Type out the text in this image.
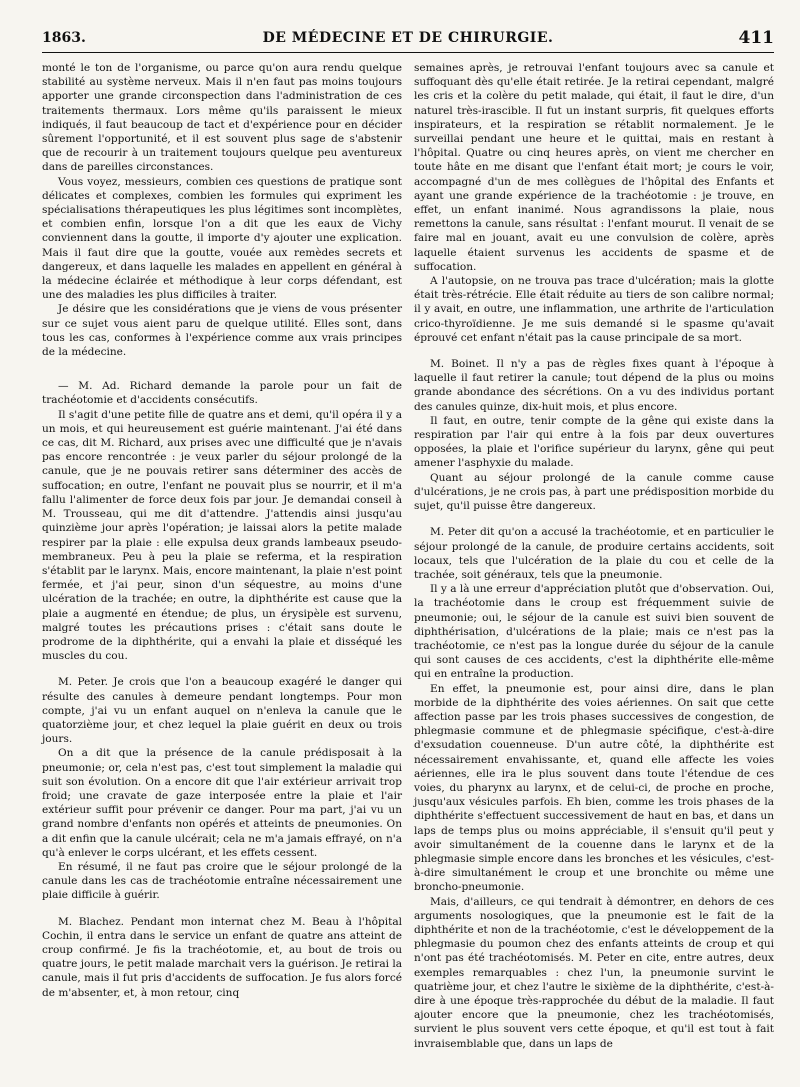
1863.	DE MÉDECINE ET DE CHIRURGIE.	411

monté le ton de l'organisme, ou parce qu'on aura rendu quelque stabilité au système nerveux. Mais il n'en faut pas moins toujours apporter une grande circonspection dans l'administration de ces traitements thermaux. Lors même qu'ils paraissent le mieux indiqués, il faut beaucoup de tact et d'expérience pour en décider sûrement l'opportunité, et il est souvent plus sage de s'abstenir que de recourir à un traitement toujours quelque peu aventureux dans de pareilles circonstances.

Vous voyez, messieurs, combien ces questions de pratique sont délicates et complexes, combien les formules qui expriment les spécialisations thérapeutiques les plus légitimes sont incomplètes, et combien enfin, lorsque l'on a dit que les eaux de Vichy conviennent dans la goutte, il importe d'y ajouter une explication. Mais il faut dire que la goutte, vouée aux remèdes secrets et dangereux, et dans laquelle les malades en appellent en général à la médecine éclairée et méthodique à leur corps défendant, est une des maladies les plus difficiles à traiter.

Je désire que les considérations que je viens de vous présenter sur ce sujet vous aient paru de quelque utilité. Elles sont, dans tous les cas, conformes à l'expérience comme aux vrais principes de la médecine.

— M. Ad. Richard demande la parole pour un fait de trachéotomie et d'accidents consécutifs.

Il s'agit d'une petite fille de quatre ans et demi, qu'il opéra il y a un mois, et qui heureusement est guérie maintenant. J'ai été dans ce cas, dit M. Richard, aux prises avec une difficulté que je n'avais pas encore rencontrée : je veux parler du séjour prolongé de la canule, que je ne pouvais retirer sans déterminer des accès de suffocation; en outre, l'enfant ne pouvait plus se nourrir, et il m'a fallu l'alimenter de force deux fois par jour. Je demandai conseil à M. Trousseau, qui me dit d'attendre. J'attendis ainsi jusqu'au quinzième jour après l'opération; je laissai alors la petite malade respirer par la plaie : elle expulsa deux grands lambeaux pseudo-membraneux. Peu à peu la plaie se referma, et la respiration s'établit par le larynx. Mais, encore maintenant, la plaie n'est point fermée, et j'ai peur, sinon d'un séquestre, au moins d'une ulcération de la trachée; en outre, la diphthérite est cause que la plaie a augmenté en étendue; de plus, un érysipèle est survenu, malgré toutes les précautions prises : c'était sans doute le prodrome de la diphthérite, qui a envahi la plaie et disséqué les muscles du cou.

M. Peter. Je crois que l'on a beaucoup exagéré le danger qui résulte des canules à demeure pendant longtemps. Pour mon compte, j'ai vu un enfant auquel on n'enleva la canule que le quatorzième jour, et chez lequel la plaie guérit en deux ou trois jours.

On a dit que la présence de la canule prédisposait à la pneumonie; or, cela n'est pas, c'est tout simplement la maladie qui suit son évolution. On a encore dit que l'air extérieur arrivait trop froid; une cravate de gaze interposée entre la plaie et l'air extérieur suffit pour prévenir ce danger. Pour ma part, j'ai vu un grand nombre d'enfants non opérés et atteints de pneumonies. On a dit enfin que la canule ulcérait; cela ne m'a jamais effrayé, on n'a qu'à enlever le corps ulcérant, et les effets cessent.

En résumé, il ne faut pas croire que le séjour prolongé de la canule dans les cas de trachéotomie entraîne nécessairement une plaie difficile à guérir.

M. Blachez. Pendant mon internat chez M. Beau à l'hôpital Cochin, il entra dans le service un enfant de quatre ans atteint de croup confirmé. Je fis la trachéotomie, et, au bout de trois ou quatre jours, le petit malade marchait vers la guérison. Je retirai la canule, mais il fut pris d'accidents de suffocation. Je fus alors forcé de m'absenter, et, à mon retour, cinq

semaines après, je retrouvai l'enfant toujours avec sa canule et suffoquant dès qu'elle était retirée. Je la retirai cependant, malgré les cris et la colère du petit malade, qui était, il faut le dire, d'un naturel très-irascible. Il fut un instant surpris, fit quelques efforts inspirateurs, et la respiration se rétablit normalement. Je le surveillai pendant une heure et le quittai, mais en restant à l'hôpital. Quatre ou cinq heures après, on vient me chercher en toute hâte en me disant que l'enfant était mort; je cours le voir, accompagné d'un de mes collègues de l'hôpital des Enfants et ayant une grande expérience de la trachéotomie : je trouve, en effet, un enfant inanimé. Nous agrandissons la plaie, nous remettons la canule, sans résultat : l'enfant mourut. Il venait de se faire mal en jouant, avait eu une convulsion de colère, après laquelle étaient survenus les accidents de spasme et de suffocation.

A l'autopsie, on ne trouva pas trace d'ulcération; mais la glotte était très-rétrécie. Elle était réduite au tiers de son calibre normal; il y avait, en outre, une inflammation, une arthrite de l'articulation crico-thyroïdienne. Je me suis demandé si le spasme qu'avait éprouvé cet enfant n'était pas la cause principale de sa mort.

M. Boinet. Il n'y a pas de règles fixes quant à l'époque à laquelle il faut retirer la canule; tout dépend de la plus ou moins grande abondance des sécrétions. On a vu des individus portant des canules quinze, dix-huit mois, et plus encore.

Il faut, en outre, tenir compte de la gêne qui existe dans la respiration par l'air qui entre à la fois par deux ouvertures opposées, la plaie et l'orifice supérieur du larynx, gêne qui peut amener l'asphyxie du malade.

Quant au séjour prolongé de la canule comme cause d'ulcérations, je ne crois pas, à part une prédisposition morbide du sujet, qu'il puisse être dangereux.

M. Peter dit qu'on a accusé la trachéotomie, et en particulier le séjour prolongé de la canule, de produire certains accidents, soit locaux, tels que l'ulcération de la plaie du cou et celle de la trachée, soit généraux, tels que la pneumonie.

Il y a là une erreur d'appréciation plutôt que d'observation. Oui, la trachéotomie dans le croup est fréquemment suivie de pneumonie; oui, le séjour de la canule est suivi bien souvent de diphthérisation, d'ulcérations de la plaie; mais ce n'est pas la trachéotomie, ce n'est pas la longue durée du séjour de la canule qui sont causes de ces accidents, c'est la diphthérite elle-même qui en entraîne la production.

En effet, la pneumonie est, pour ainsi dire, dans le plan morbide de la diphthérite des voies aériennes. On sait que cette affection passe par les trois phases successives de congestion, de phlegmasie commune et de phlegmasie spécifique, c'est-à-dire d'exsudation couenneuse. D'un autre côté, la diphthérite est nécessairement envahissante, et, quand elle affecte les voies aériennes, elle ira le plus souvent dans toute l'étendue de ces voies, du pharynx au larynx, et de celui-ci, de proche en proche, jusqu'aux vésicules parfois. Eh bien, comme les trois phases de la diphthérite s'effectuent successivement de haut en bas, et dans un laps de temps plus ou moins appréciable, il s'ensuit qu'il peut y avoir simultanément de la couenne dans le larynx et de la phlegmasie simple encore dans les bronches et les vésicules, c'est-à-dire simultanément le croup et une bronchite ou même une broncho-pneumonie.

Mais, d'ailleurs, ce qui tendrait à démontrer, en dehors de ces arguments nosologiques, que la pneumonie est le fait de la diphthérite et non de la trachéotomie, c'est le développement de la phlegmasie du poumon chez des enfants atteints de croup et qui n'ont pas été trachéotomisés. M. Peter en cite, entre autres, deux exemples remarquables : chez l'un, la pneumonie survint le quatrième jour, et chez l'autre le sixième de la diphthérite, c'est-à-dire à une époque très-rapprochée du début de la maladie. Il faut ajouter encore que la pneumonie, chez les trachéotomisés, survient le plus souvent vers cette époque, et qu'il est tout à fait invraisemblable que, dans un laps de
